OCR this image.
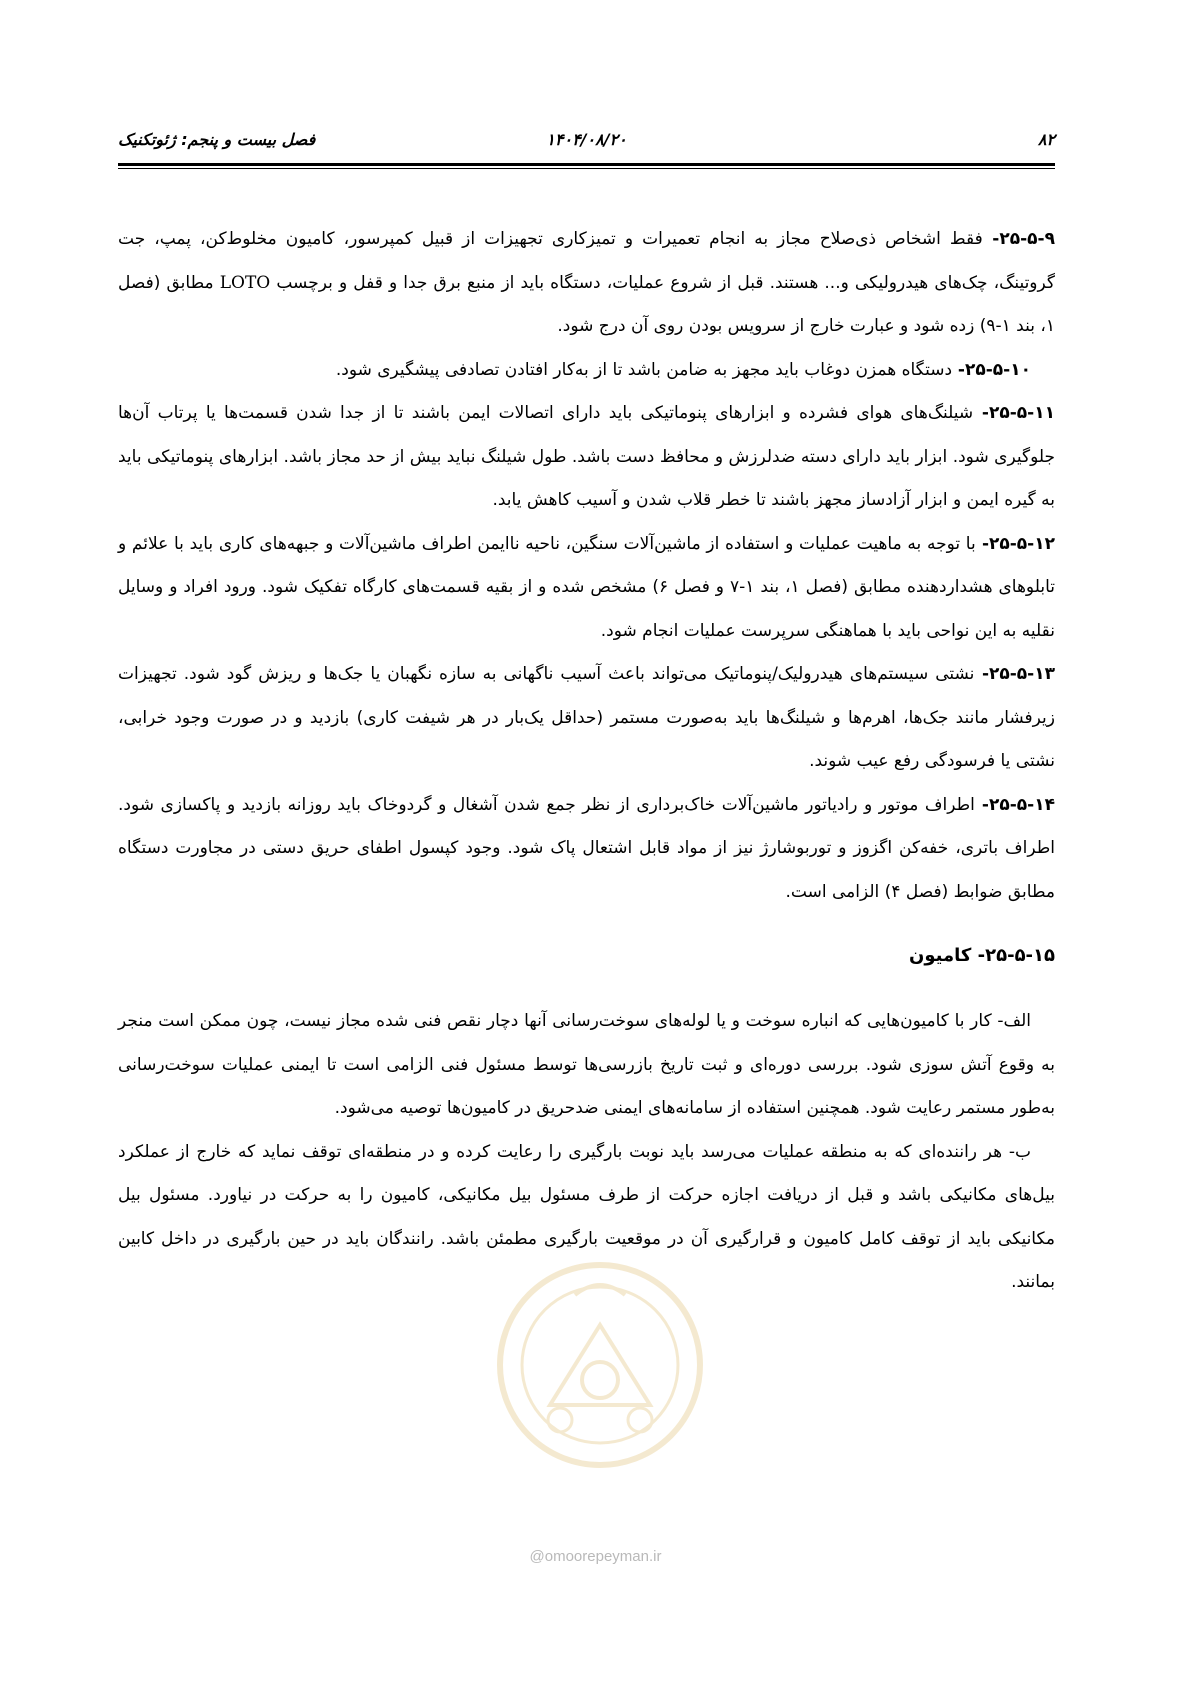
۸۲
۱۴۰۴/۰۸/۲۰
فصل بیست و پنجم: ژئوتکنیک

۲۵-۵-۹- فقط اشخاص ذی‌صلاح مجاز به انجام تعمیرات و تمیزکاری تجهیزات از قبیل کمپرسور، کامیون مخلوط‌کن، پمپ، جت گروتینگ، چک‌های هیدرولیکی و... هستند. قبل از شروع عملیات، دستگاه باید از منبع برق جدا و قفل و برچسب LOTO مطابق (فصل ۱، بند ۱-۹) زده شود و عبارت خارج از سرویس بودن روی آن درج شود.

۲۵-۵-۱۰- دستگاه همزن دوغاب باید مجهز به ضامن باشد تا از به‌کار افتادن تصادفی پیشگیری شود.

۲۵-۵-۱۱- شیلنگ‌های هوای فشرده و ابزارهای پنوماتیکی باید دارای اتصالات ایمن باشند تا از جدا شدن قسمت‌ها یا پرتاب آن‌ها جلوگیری شود. ابزار باید دارای دسته ضدلرزش و محافظ دست باشد. طول شیلنگ نباید بیش از حد مجاز باشد. ابزارهای پنوماتیکی باید به گیره ایمن و ابزار آزادساز مجهز باشند تا خطر قلاب شدن و آسیب کاهش یابد.

۲۵-۵-۱۲- با توجه به ماهیت عملیات و استفاده از ماشین‌آلات سنگین، ناحیه ناایمن اطراف ماشین‌آلات و جبهه‌های کاری باید با علائم و تابلوهای هشداردهنده مطابق (فصل ۱، بند ۱-۷ و فصل ۶) مشخص شده و از بقیه قسمت‌های کارگاه تفکیک شود. ورود افراد و وسایل نقلیه به این نواحی باید با هماهنگی سرپرست عملیات انجام شود.

۲۵-۵-۱۳- نشتی سیستم‌های هیدرولیک/پنوماتیک می‌تواند باعث آسیب ناگهانی به سازه نگهبان یا جک‌ها و ریزش گود شود. تجهیزات زیرفشار مانند جک‌ها، اهرم‌ها و شیلنگ‌ها باید به‌صورت مستمر (حداقل یک‌بار در هر شیفت کاری) بازدید و در صورت وجود خرابی، نشتی یا فرسودگی رفع عیب شوند.

۲۵-۵-۱۴- اطراف موتور و رادیاتور ماشین‌آلات خاک‌برداری از نظر جمع شدن آشغال و گردوخاک باید روزانه بازدید و پاکسازی شود. اطراف باتری، خفه‌کن اگزوز و توربوشارژ نیز از مواد قابل اشتعال پاک شود. وجود کپسول اطفای حریق دستی در مجاورت دستگاه مطابق ضوابط (فصل ۴) الزامی است.

۲۵-۵-۱۵- کامیون

الف- کار با کامیون‌هایی که انباره سوخت و یا لوله‌های سوخت‌رسانی آنها دچار نقص فنی شده مجاز نیست، چون ممکن است منجر به وقوع آتش سوزی شود. بررسی دوره‌ای و ثبت تاریخ بازرسی‌ها توسط مسئول فنی الزامی است تا ایمنی عملیات سوخت‌رسانی به‌طور مستمر رعایت شود. همچنین استفاده از سامانه‌های ایمنی ضدحریق در کامیون‌ها توصیه می‌شود.

ب- هر راننده‌ای که به منطقه عملیات می‌رسد باید نوبت بارگیری را رعایت کرده و در منطقه‌ای توقف نماید که خارج از عملکرد بیل‌های مکانیکی باشد و قبل از دریافت اجازه حرکت از طرف مسئول بیل مکانیکی، کامیون را به حرکت در نیاورد. مسئول بیل مکانیکی باید از توقف کامل کامیون و قرارگیری آن در موقعیت بارگیری مطمئن باشد. رانندگان باید در حین بارگیری در داخل کابین بمانند.

@omoorepeyman.ir
